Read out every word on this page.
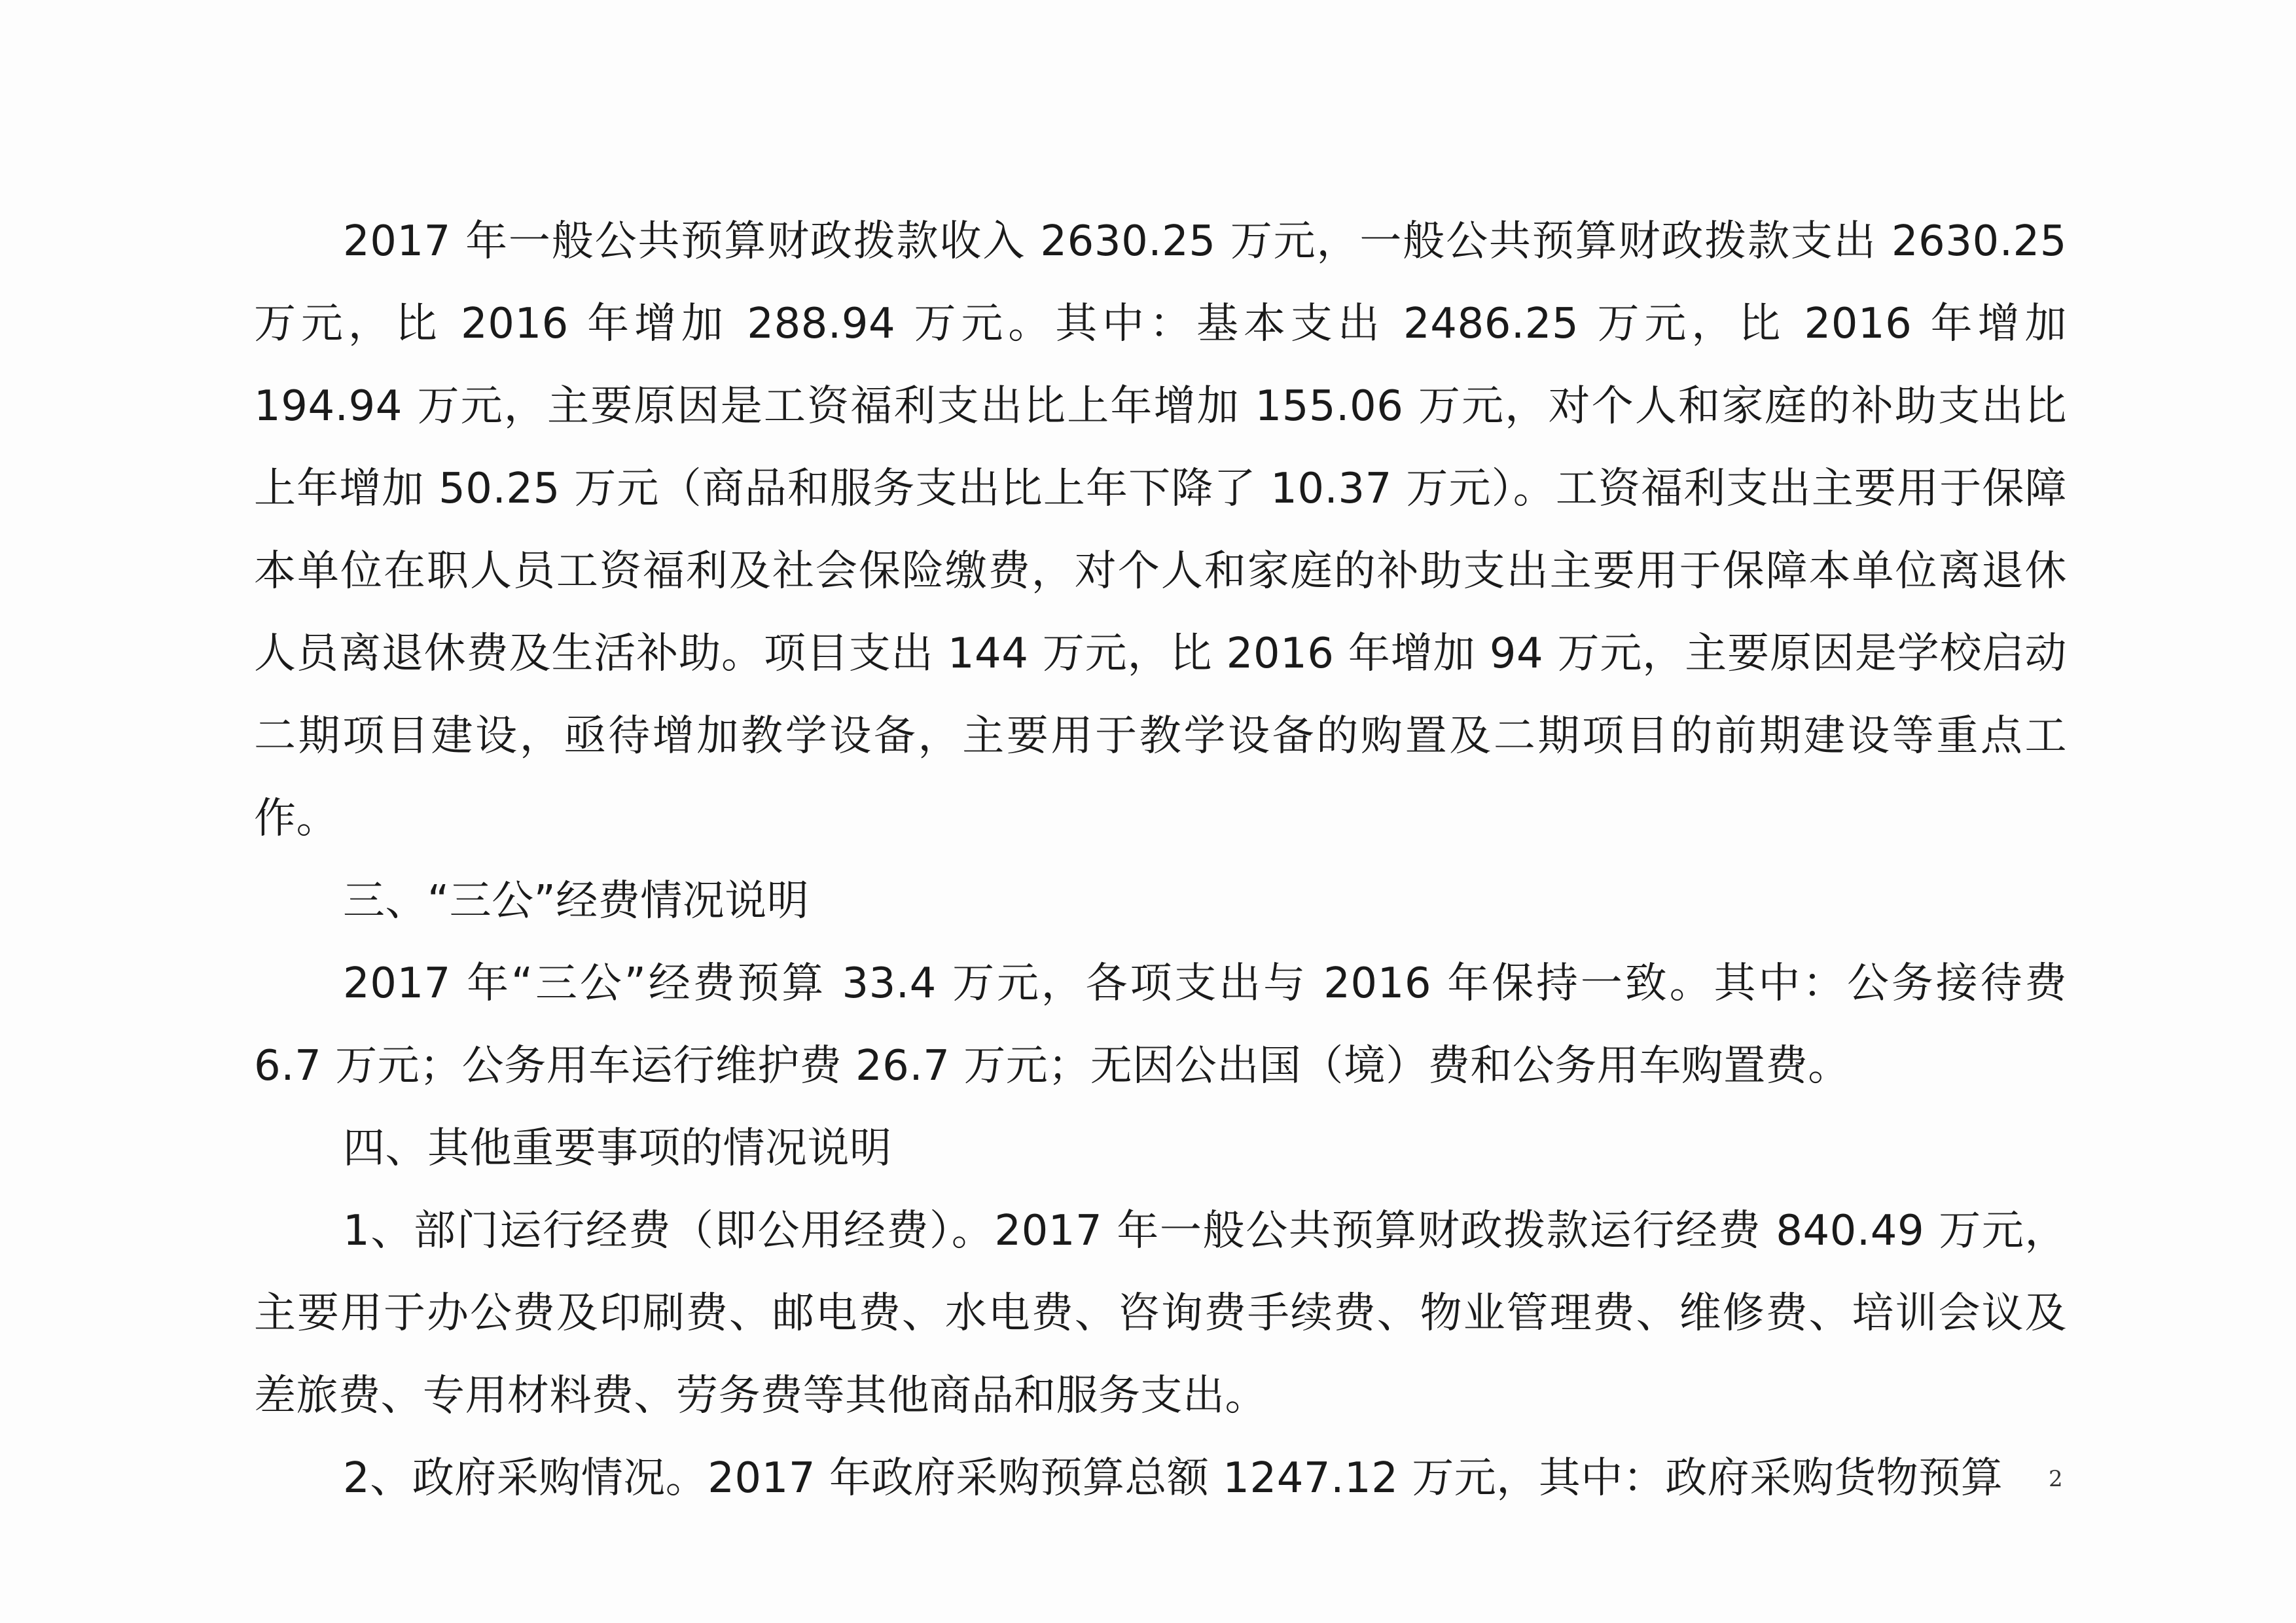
2017 年一般公共预算财政拨款收入 2630.25 万元，一般公共预算财政拨款支出 2630.25 万元，比 2016 年增加 288.94 万元。其中：基本支出 2486.25 万元，比 2016 年增加 194.94 万元，主要原因是工资福利支出比上年增加 155.06 万元，对个人和家庭的补助支出比上年增加 50.25 万元（商品和服务支出比上年下降了 10.37 万元）。工资福利支出主要用于保障本单位在职人员工资福利及社会保险缴费，对个人和家庭的补助支出主要用于保障本单位离退休人员离退休费及生活补助。项目支出 144 万元，比 2016 年增加 94 万元，主要原因是学校启动二期项目建设，亟待增加教学设备，主要用于教学设备的购置及二期项目的前期建设等重点工作。

三、“三公”经费情况说明

2017 年“三公”经费预算 33.4 万元，各项支出与 2016 年保持一致。其中：公务接待费 6.7 万元；公务用车运行维护费 26.7 万元；无因公出国（境）费和公务用车购置费。

四、其他重要事项的情况说明

1、部门运行经费（即公用经费）。2017 年一般公共预算财政拨款运行经费 840.49 万元，主要用于办公费及印刷费、邮电费、水电费、咨询费手续费、物业管理费、维修费、培训会议及差旅费、专用材料费、劳务费等其他商品和服务支出。

2、政府采购情况。2017 年政府采购预算总额 1247.12 万元，其中：政府采购货物预算	2
